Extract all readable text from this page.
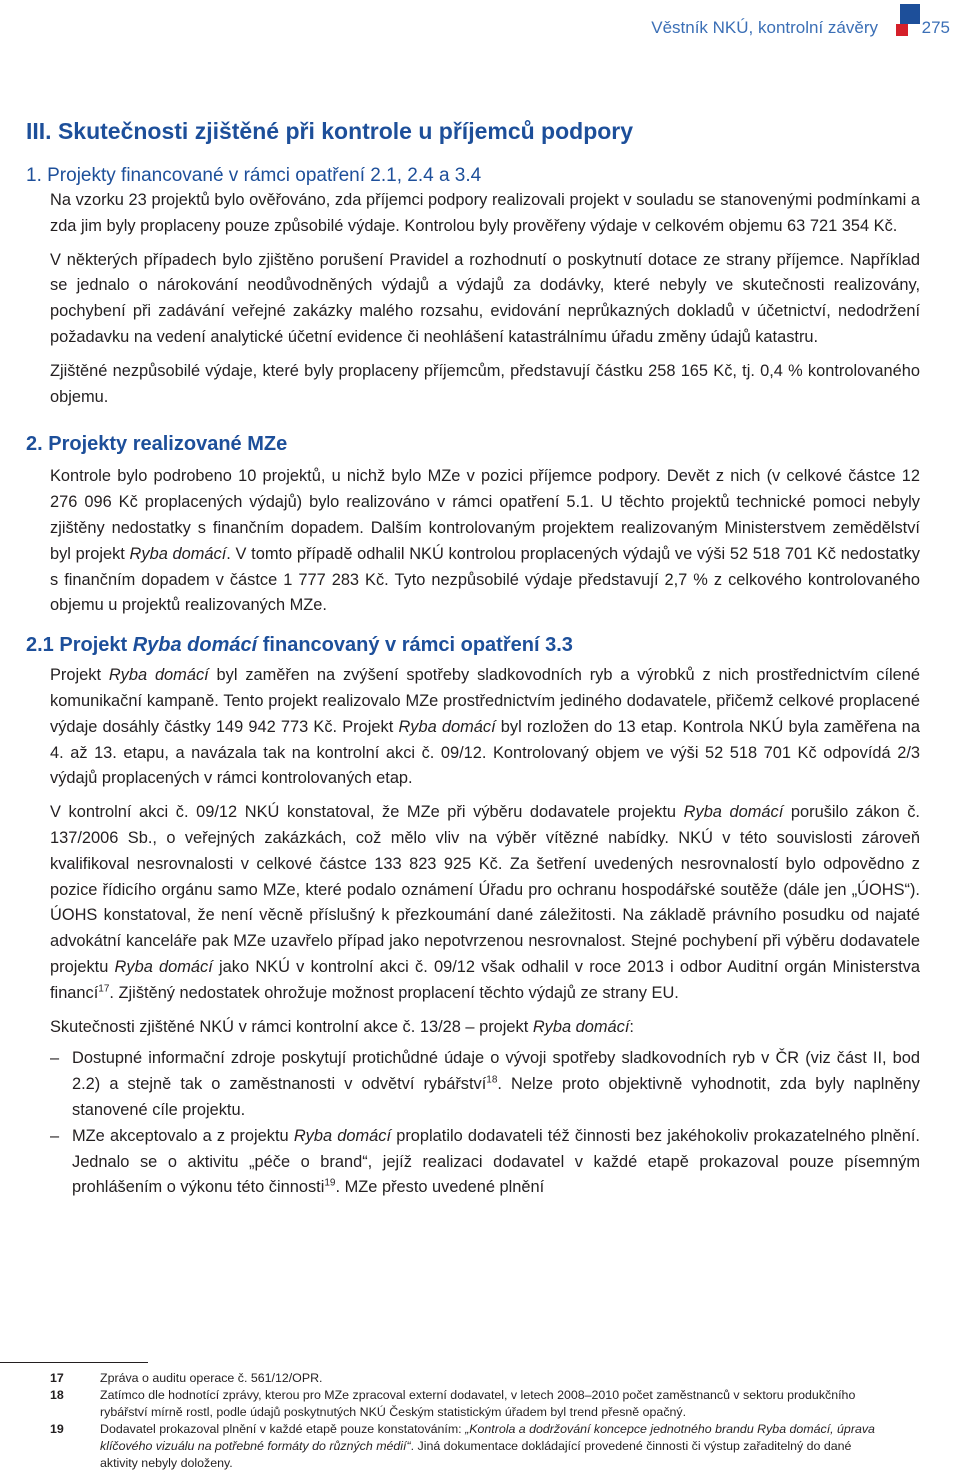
Věstník NKÚ, kontrolní závěry	275
III. Skutečnosti zjištěné při kontrole u příjemců podpory
1. Projekty financované v rámci opatření 2.1, 2.4 a 3.4

Na vzorku 23 projektů bylo ověřováno, zda příjemci podpory realizovali projekt v souladu se stanovenými podmínkami a zda jim byly proplaceny pouze způsobilé výdaje. Kontrolou byly prověřeny výdaje v celkovém objemu 63 721 354 Kč.

V některých případech bylo zjištěno porušení Pravidel a rozhodnutí o poskytnutí dotace ze strany příjemce. Například se jednalo o nárokování neodůvodněných výdajů a výdajů za dodávky, které nebyly ve skutečnosti realizovány, pochybení při zadávání veřejné zakázky malého rozsahu, evidování neprůkazných dokladů v účetnictví, nedodržení požadavku na vedení analytické účetní evidence či neohlášení katastrálnímu úřadu změny údajů katastru.

Zjištěné nezpůsobilé výdaje, které byly proplaceny příjemcům, představují částku 258 165 Kč, tj. 0,4 % kontrolovaného objemu.

2. Projekty realizované MZe

Kontrole bylo podrobeno 10 projektů, u nichž bylo MZe v pozici příjemce podpory. Devět z nich (v celkové částce 12 276 096 Kč proplacených výdajů) bylo realizováno v rámci opatření 5.1. U těchto projektů technické pomoci nebyly zjištěny nedostatky s finančním dopadem. Dalším kontrolovaným projektem realizovaným Ministerstvem zemědělství byl projekt Ryba domácí. V tomto případě odhalil NKÚ kontrolou proplacených výdajů ve výši 52 518 701 Kč nedostatky s finančním dopadem v částce 1 777 283 Kč. Tyto nezpůsobilé výdaje představují 2,7 % z celkového kontrolovaného objemu u projektů realizovaných MZe.

2.1 Projekt Ryba domácí financovaný v rámci opatření 3.3

Projekt Ryba domácí byl zaměřen na zvýšení spotřeby sladkovodních ryb a výrobků z nich prostřednictvím cílené komunikační kampaně. Tento projekt realizovalo MZe prostřednictvím jediného dodavatele, přičemž celkové proplacené výdaje dosáhly částky 149 942 773 Kč. Projekt Ryba domácí byl rozložen do 13 etap. Kontrola NKÚ byla zaměřena na 4. až 13. etapu, a navázala tak na kontrolní akci č. 09/12. Kontrolovaný objem ve výši 52 518 701 Kč odpovídá 2/3 výdajů proplacených v rámci kontrolovaných etap.

V kontrolní akci č. 09/12 NKÚ konstatoval, že MZe při výběru dodavatele projektu Ryba domácí porušilo zákon č. 137/2006 Sb., o veřejných zakázkách, což mělo vliv na výběr vítězné nabídky. NKÚ v této souvislosti zároveň kvalifikoval nesrovnalosti v celkové částce 133 823 925 Kč. Za šetření uvedených nesrovnalostí bylo odpovědno z pozice řídicího orgánu samo MZe, které podalo oznámení Úřadu pro ochranu hospodářské soutěže (dále jen „ÚOHS“). ÚOHS konstatoval, že není věcně příslušný k přezkoumání dané záležitosti. Na základě právního posudku od najaté advokátní kanceláře pak MZe uzavřelo případ jako nepotvrzenou nesrovnalost. Stejné pochybení při výběru dodavatele projektu Ryba domácí jako NKÚ v kontrolní akci č. 09/12 však odhalil v roce 2013 i odbor Auditní orgán Ministerstva financí$^{17}$. Zjištěný nedostatek ohrožuje možnost proplacení těchto výdajů ze strany EU.

Skutečnosti zjištěné NKÚ v rámci kontrolní akce č. 13/28 – projekt Ryba domácí:

– Dostupné informační zdroje poskytují protichůdné údaje o vývoji spotřeby sladkovodních ryb v ČR (viz část II, bod 2.2) a stejně tak o zaměstnanosti v odvětví rybářství$^{18}$. Nelze proto objektivně vyhodnotit, zda byly naplněny stanovené cíle projektu.
– MZe akceptovalo a z projektu Ryba domácí proplatilo dodavateli též činnosti bez jakéhokoliv prokazatelného plnění. Jednalo se o aktivitu „péče o brand“, jejíž realizaci dodavatel v každé etapě prokazoval pouze písemným prohlášením o výkonu této činnosti$^{19}$. MZe přesto uvedené plnění
17	Zpráva o auditu operace č. 561/12/OPR.
18	Zatímco dle hodnotící zprávy, kterou pro MZe zpracoval externí dodavatel, v letech 2008–2010 počet zaměstnanců v sektoru produkčního rybářství mírně rostl, podle údajů poskytnutých NKÚ Českým statistickým úřadem byl trend přesně opačný.
19	Dodavatel prokazoval plnění v každé etapě pouze konstatováním: „Kontrola a dodržování koncepce jednotného brandu Ryba domácí, úprava klíčového vizuálu na potřebné formáty do různých médií“. Jiná dokumentace dokládající provedené činnosti či výstup zařaditelný do dané aktivity nebyly doloženy.
